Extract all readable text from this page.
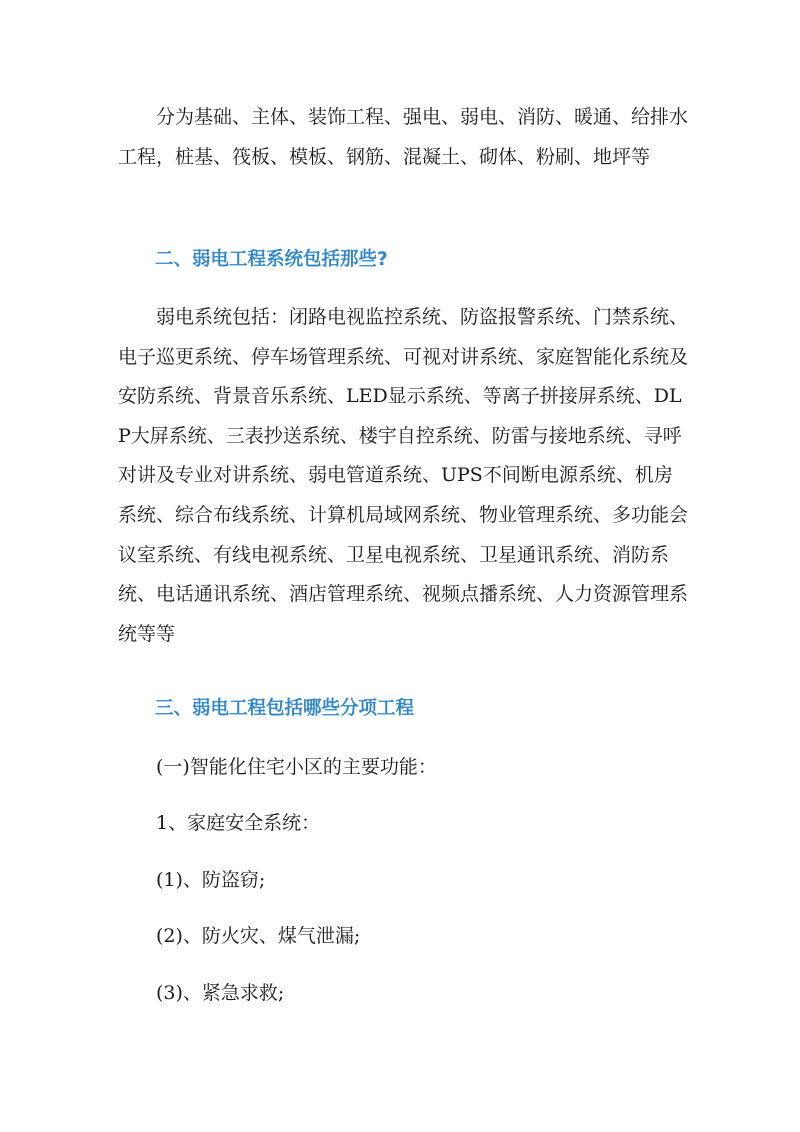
　　分为基础、主体、装饰工程、强电、弱电、消防、暖通、给排水工程，桩基、筏板、模板、钢筋、混凝土、砌体、粉刷、地坪等

　　二、弱电工程系统包括那些?

　　弱电系统包括：闭路电视监控系统、防盗报警系统、门禁系统、电子巡更系统、停车场管理系统、可视对讲系统、家庭智能化系统及安防系统、背景音乐系统、LED显示系统、等离子拼接屏系统、DLP大屏系统、三表抄送系统、楼宇自控系统、防雷与接地系统、寻呼对讲及专业对讲系统、弱电管道系统、UPS不间断电源系统、机房系统、综合布线系统、计算机局域网系统、物业管理系统、多功能会议室系统、有线电视系统、卫星电视系统、卫星通讯系统、消防系统、电话通讯系统、酒店管理系统、视频点播系统、人力资源管理系统等等

　　三、弱电工程包括哪些分项工程

　　(一)智能化住宅小区的主要功能：

　　1、家庭安全系统：

　　(1)、防盗窃;

　　(2)、防火灾、煤气泄漏;

　　(3)、紧急求救;
